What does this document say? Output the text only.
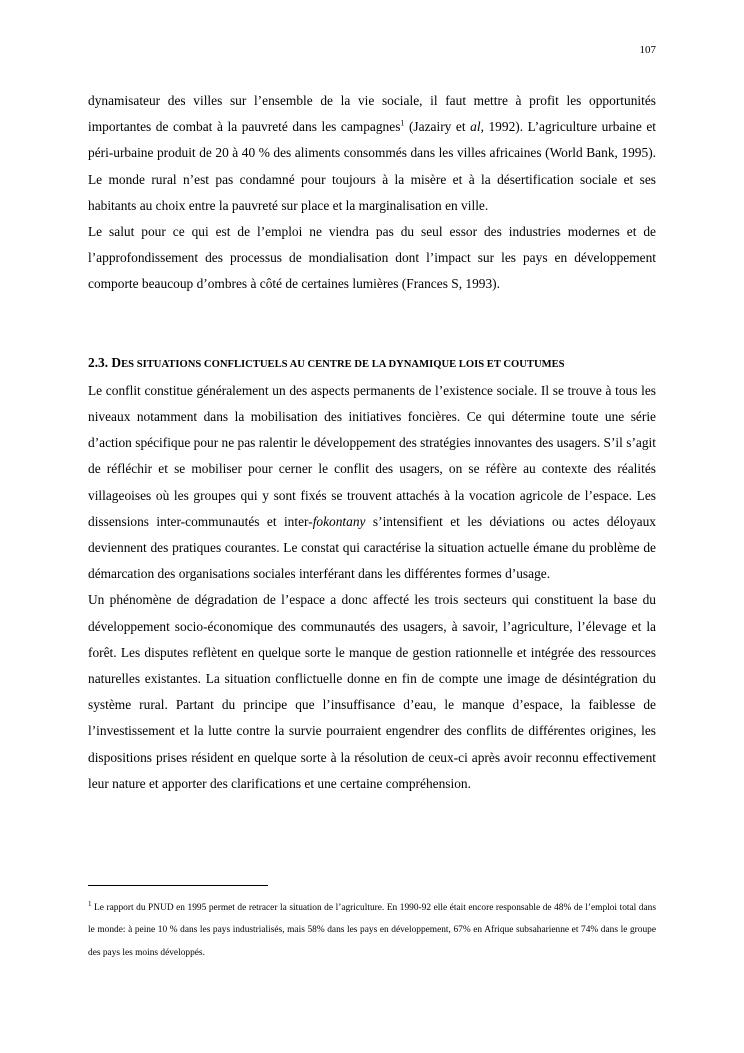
107

dynamisateur des villes sur l’ensemble de la vie sociale, il faut mettre à profit les opportunités importantes de combat à la pauvreté dans les campagnes$^1$ (Jazairy et al, 1992). L’agriculture urbaine et péri-urbaine produit de 20 à 40 % des aliments consommés dans les villes africaines (World Bank, 1995). Le monde rural n’est pas condamné pour toujours à la misère et à la désertification sociale et ses habitants au choix entre la pauvreté sur place et la marginalisation en ville.

Le salut pour ce qui est de l’emploi ne viendra pas du seul essor des industries modernes et de l’approfondissement des processus de mondialisation dont l’impact sur les pays en développement comporte beaucoup d’ombres à côté de certaines lumières (Frances S, 1993).

2.3. DES SITUATIONS CONFLICTUELS AU CENTRE DE LA DYNAMIQUE LOIS ET COUTUMES

Le conflit constitue généralement un des aspects permanents de l’existence sociale. Il se trouve à tous les niveaux notamment dans la mobilisation des initiatives foncières. Ce qui détermine toute une série d’action spécifique pour ne pas ralentir le développement des stratégies innovantes des usagers. S’il s’agit de réfléchir et se mobiliser pour cerner le conflit des usagers, on se réfère au contexte des réalités villageoises où les groupes qui y sont fixés se trouvent attachés à la vocation agricole de l’espace. Les dissensions inter-communautés et inter-fokontany s’intensifient et les déviations ou actes déloyaux deviennent des pratiques courantes. Le constat qui caractérise la situation actuelle émane du problème de démarcation des organisations sociales interférant dans les différentes formes d’usage.

Un phénomène de dégradation de l’espace a donc affecté les trois secteurs qui constituent la base du développement socio-économique des communautés des usagers, à savoir, l’agriculture, l’élevage et la forêt. Les disputes reflètent en quelque sorte le manque de gestion rationnelle et intégrée des ressources naturelles existantes. La situation conflictuelle donne en fin de compte une image de désintégration du système rural. Partant du principe que l’insuffisance d’eau, le manque d’espace, la faiblesse de l’investissement et la lutte contre la survie pourraient engendrer des conflits de différentes origines, les dispositions prises résident en quelque sorte à la résolution de ceux-ci après avoir reconnu effectivement leur nature et apporter des clarifications et une certaine compréhension.

$^1$ Le rapport du PNUD en 1995 permet de retracer la situation de l’agriculture. En 1990-92 elle était encore responsable de 48% de l’emploi total dans le monde: à peine 10 % dans les pays industrialisés, mais 58% dans les pays en développement, 67% en Afrique subsaharienne et 74% dans le groupe des pays les moins développés.
